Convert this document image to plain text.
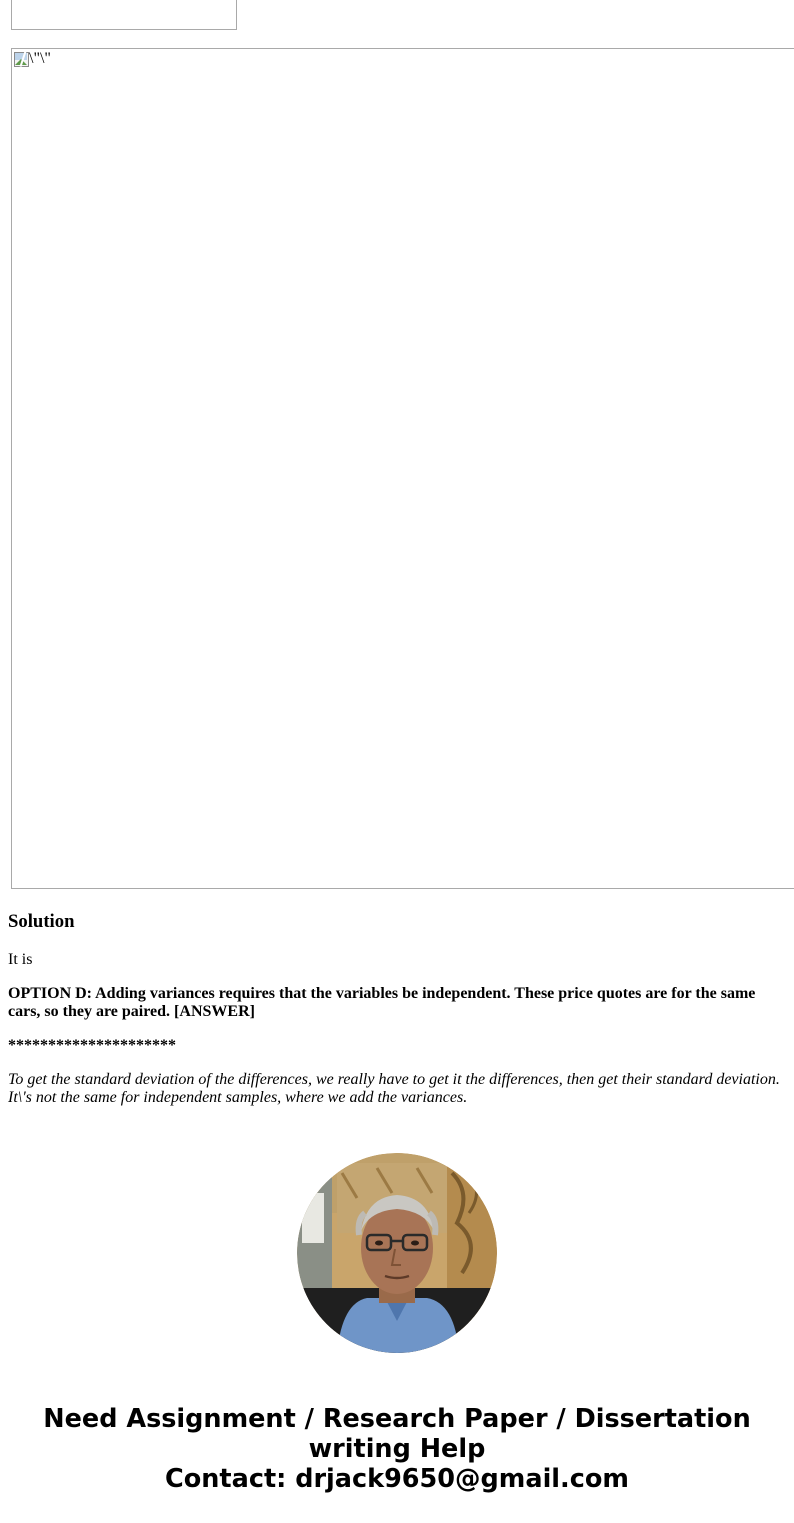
\"\"
Solution

It is

OPTION D: Adding variances requires that the variables be independent. These price quotes are for the same cars, so they are paired. [ANSWER]

*********************

To get the standard deviation of the differences, we really have to get it the differences, then get their standard deviation. It\'s not the same for independent samples, where we add the variances.

Need Assignment / Research Paper / Dissertation writing Help
Contact: drjack9650@gmail.com
